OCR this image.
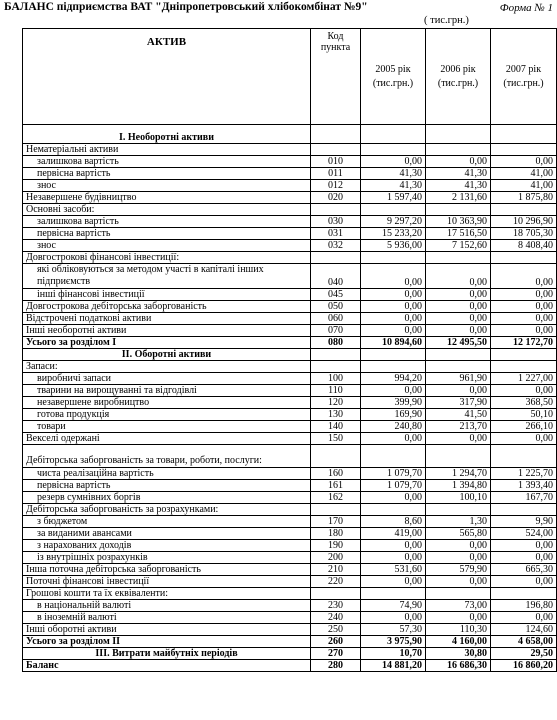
БАЛАНС підприємства ВАТ "Дніпропетровський хлібокомбінат №9"	Форма № 1
( тис.грн.)
АКТИВ	Код пункта	2005 рік (тис.грн.)	2006 рік (тис.грн.)	2007 рік (тис.грн.)
I. Необоротні активи				
Нематеріальні активи				
залишкова вартість	010	0,00	0,00	0,00
первісна вартість	011	41,30	41,30	41,00
знос	012	41,30	41,30	41,00
Незавершене будівництво	020	1 597,40	2 131,60	1 875,80
Основні засоби:				
залишкова вартість	030	9 297,20	10 363,90	10 296,90
первісна вартість	031	15 233,20	17 516,50	18 705,30
знос	032	5 936,00	7 152,60	8 408,40
Довгострокові фінансові інвестиції:				
які обліковуються за методом участі в капіталі інших підприємств	040	0,00	0,00	0,00
інші фінансові інвестиції	045	0,00	0,00	0,00
Довгострокова дебіторська заборгованість	050	0,00	0,00	0,00
Відстрочені податкові активи	060	0,00	0,00	0,00
Інші необоротні активи	070	0,00	0,00	0,00
Усього за розділом I	080	10 894,60	12 495,50	12 172,70
II. Оборотні активи				
Запаси:				
виробничі запаси	100	994,20	961,90	1 227,00
тварини на вирощуванні та відгодівлі	110	0,00	0,00	0,00
незавершене виробництво	120	399,90	317,90	368,50
готова продукція	130	169,90	41,50	50,10
товари	140	240,80	213,70	266,10
Векселі одержані	150	0,00	0,00	0,00
Дебіторська заборгованість за товари, роботи, послуги:				
чиста реалізаційна вартість	160	1 079,70	1 294,70	1 225,70
первісна вартість	161	1 079,70	1 394,80	1 393,40
резерв сумнівних боргів	162	0,00	100,10	167,70
Дебіторська заборгованість за розрахунками:				
з бюджетом	170	8,60	1,30	9,90
за виданими авансами	180	419,00	565,80	524,00
з нарахованих доходів	190	0,00	0,00	0,00
із внутрішніх розрахунків	200	0,00	0,00	0,00
Інша поточна дебіторська заборгованість	210	531,60	579,90	665,30
Поточні фінансові інвестиції	220	0,00	0,00	0,00
Грошові кошти та їх еквіваленти:				
в національній валюті	230	74,90	73,00	196,80
в іноземній валюті	240	0,00	0,00	0,00
Інші оборотні активи	250	57,30	110,30	124,60
Усього за розділом II	260	3 975,90	4 160,00	4 658,00
III. Витрати майбутніх періодів	270	10,70	30,80	29,50
Баланс	280	14 881,20	16 686,30	16 860,20
